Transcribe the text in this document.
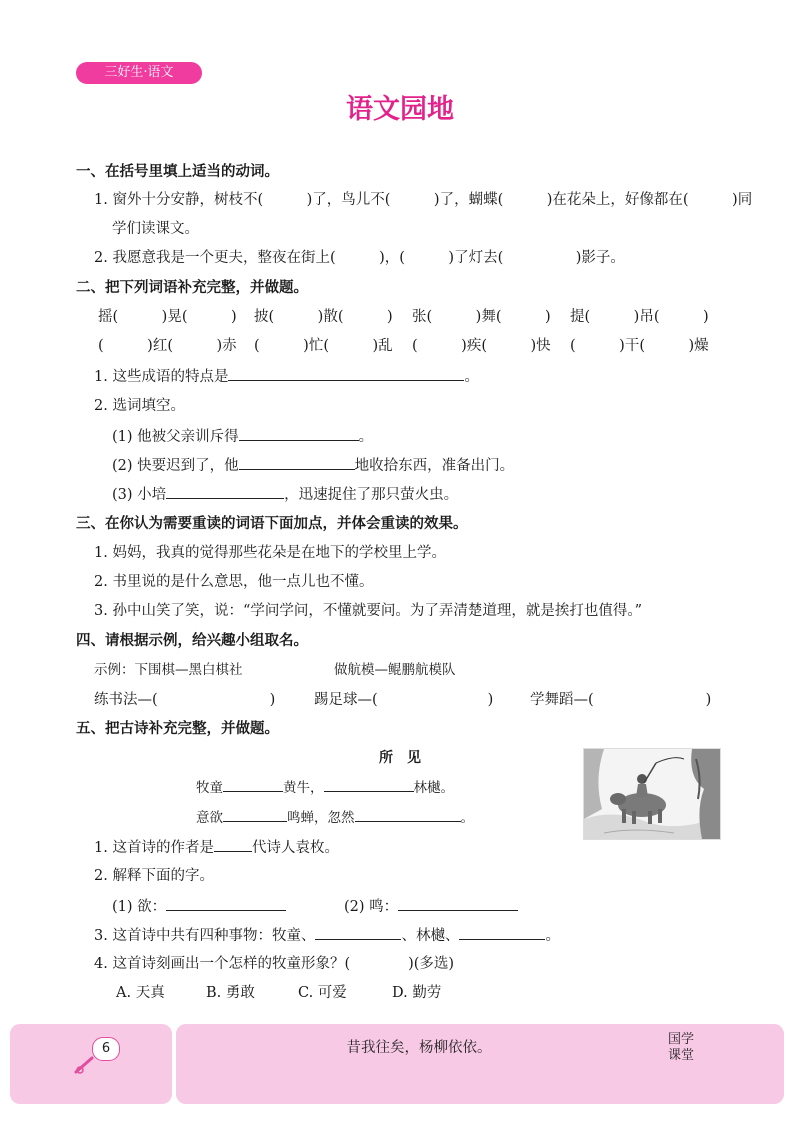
三好生·语文
语文园地
一、在括号里填上适当的动词。
1. 窗外十分安静，树枝不(　　　)了，鸟儿不(　　　)了，蝴蝶(　　　)在花朵上，好像都在(　　　)同
学们读课文。
2. 我愿意我是一个更夫，整夜在街上(　　　)，(　　　)了灯去(　　　　　)影子。
二、把下列词语补充完整，并做题。
摇(　　　)晃(　　　) 披(　　　)散(　　　) 张(　　　)舞(　　　) 提(　　　)吊(　　　)
(　　　)红(　　　)赤 (　　　)忙(　　　)乱 (　　　)疾(　　　)快 (　　　)干(　　　)燥
1. 这些成语的特点是	。
2. 选词填空。
(1) 他被父亲训斥得	。
(2) 快要迟到了，他	地收拾东西，准备出门。
(3) 小培	，迅速捉住了那只萤火虫。
三、在你认为需要重读的词语下面加点，并体会重读的效果。
1. 妈妈，我真的觉得那些花朵是在地下的学校里上学。
2. 书里说的是什么意思，他一点儿也不懂。
3. 孙中山笑了笑，说：“学问学问，不懂就要问。为了弄清楚道理，就是挨打也值得。”
四、请根据示例，给兴趣小组取名。
示例：下围棋—黑白棋社	做航模—鲲鹏航模队
练书法—(	)	踢足球—(	)	学舞蹈—(	)
五、把古诗补充完整，并做题。
所　见
牧童	黄牛，	林樾。
意欲	鸣蝉，忽然	。
1. 这首诗的作者是	代诗人袁枚。
2. 解释下面的字。
(1) 欲：	(2) 鸣：
3. 这首诗中共有四种事物：牧童、	、林樾、	。
4. 这首诗刻画出一个怎样的牧童形象？(　　　　)(多选)
A. 天真	B. 勇敢	C. 可爱	D. 勤劳
6	昔我往矣，杨柳依依。
国学
课堂
